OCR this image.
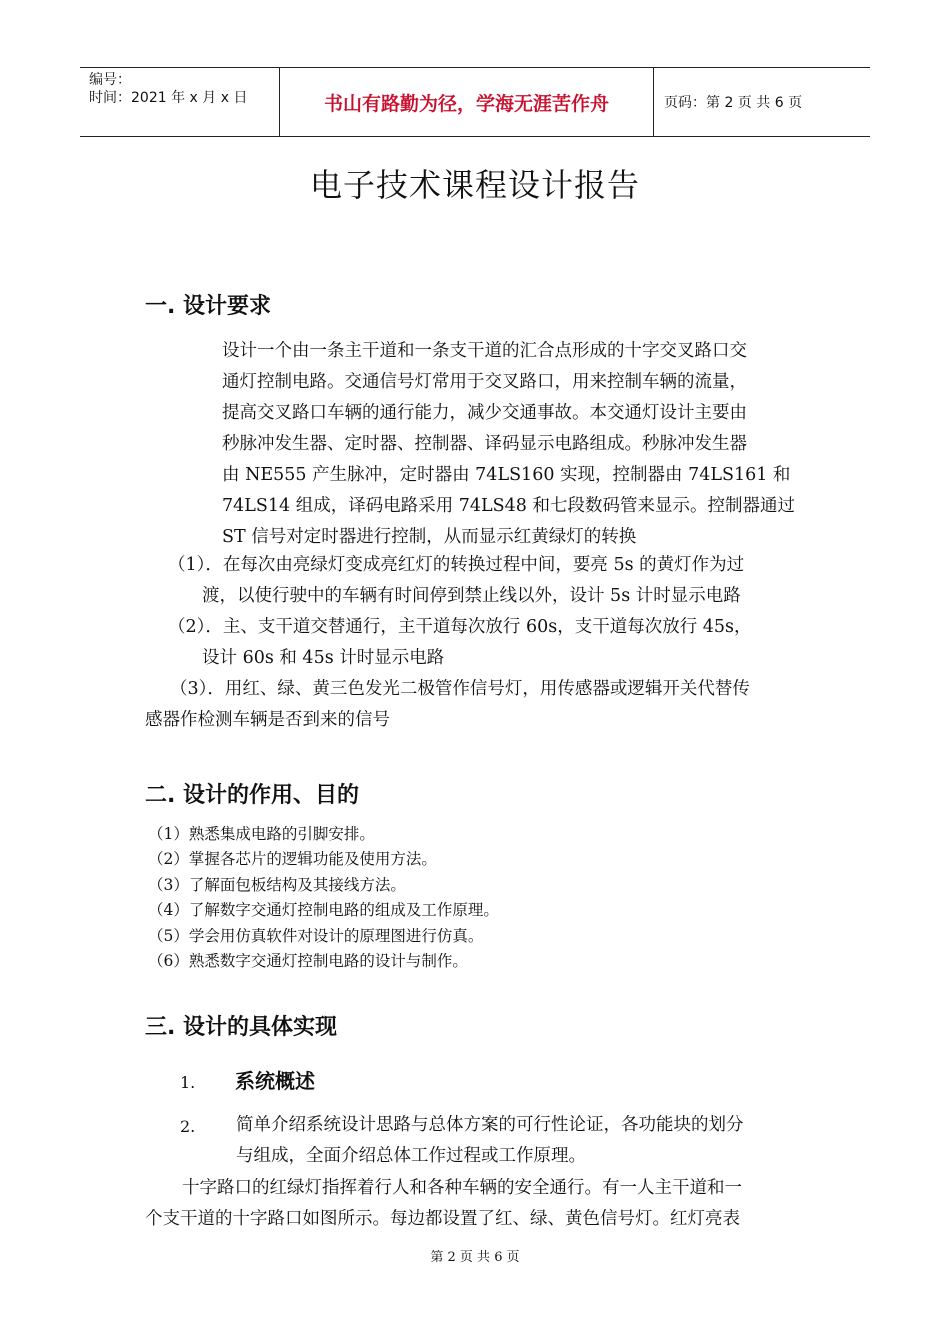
编号：
时间：2021 年 x 月 x 日	书山有路勤为径，学海无涯苦作舟	页码：第 2 页 共 6 页
电子技术课程设计报告
一. 设计要求
设计一个由一条主干道和一条支干道的汇合点形成的十字交叉路口交
通灯控制电路。交通信号灯常用于交叉路口，用来控制车辆的流量，
提高交叉路口车辆的通行能力，减少交通事故。本交通灯设计主要由
秒脉冲发生器、定时器、控制器、译码显示电路组成。秒脉冲发生器
由 NE555 产生脉冲，定时器由 74LS160 实现，控制器由 74LS161 和
74LS14 组成，译码电路采用 74LS48 和七段数码管来显示。控制器通过
ST 信号对定时器进行控制，从而显示红黄绿灯的转换
（1）．在每次由亮绿灯变成亮红灯的转换过程中间，要亮 5s 的黄灯作为过
渡，以使行驶中的车辆有时间停到禁止线以外，设计 5s 计时显示电路
（2）．主、支干道交替通行，主干道每次放行 60s，支干道每次放行 45s，
设计 60s 和 45s 计时显示电路
（3）．用红、绿、黄三色发光二极管作信号灯，用传感器或逻辑开关代替传
感器作检测车辆是否到来的信号
二. 设计的作用、目的
（1）熟悉集成电路的引脚安排。
（2）掌握各芯片的逻辑功能及使用方法。
（3）了解面包板结构及其接线方法。
（4）了解数字交通灯控制电路的组成及工作原理。
（5）学会用仿真软件对设计的原理图进行仿真。
（6）熟悉数字交通灯控制电路的设计与制作。
三. 设计的具体实现
1. 系统概述
2. 简单介绍系统设计思路与总体方案的可行性论证，各功能块的划分
与组成，全面介绍总体工作过程或工作原理。
十字路口的红绿灯指挥着行人和各种车辆的安全通行。有一人主干道和一
个支干道的十字路口如图所示。每边都设置了红、绿、黄色信号灯。红灯亮表
第 2 页 共 6 页
